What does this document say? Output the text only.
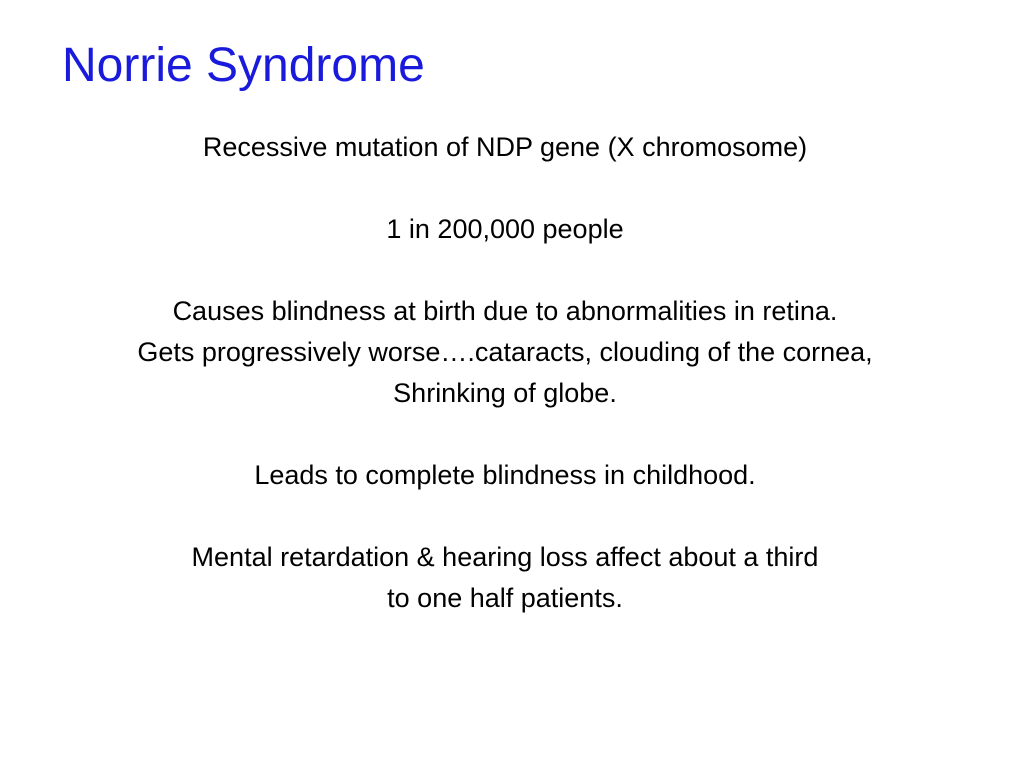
Norrie Syndrome
Recessive mutation of NDP gene (X chromosome)
1 in 200,000 people
Causes blindness at birth due to abnormalities in retina.
Gets progressively worse….cataracts, clouding of the cornea,
Shrinking of globe.
Leads to complete blindness in childhood.
Mental retardation & hearing loss affect about a third
to one half patients.
